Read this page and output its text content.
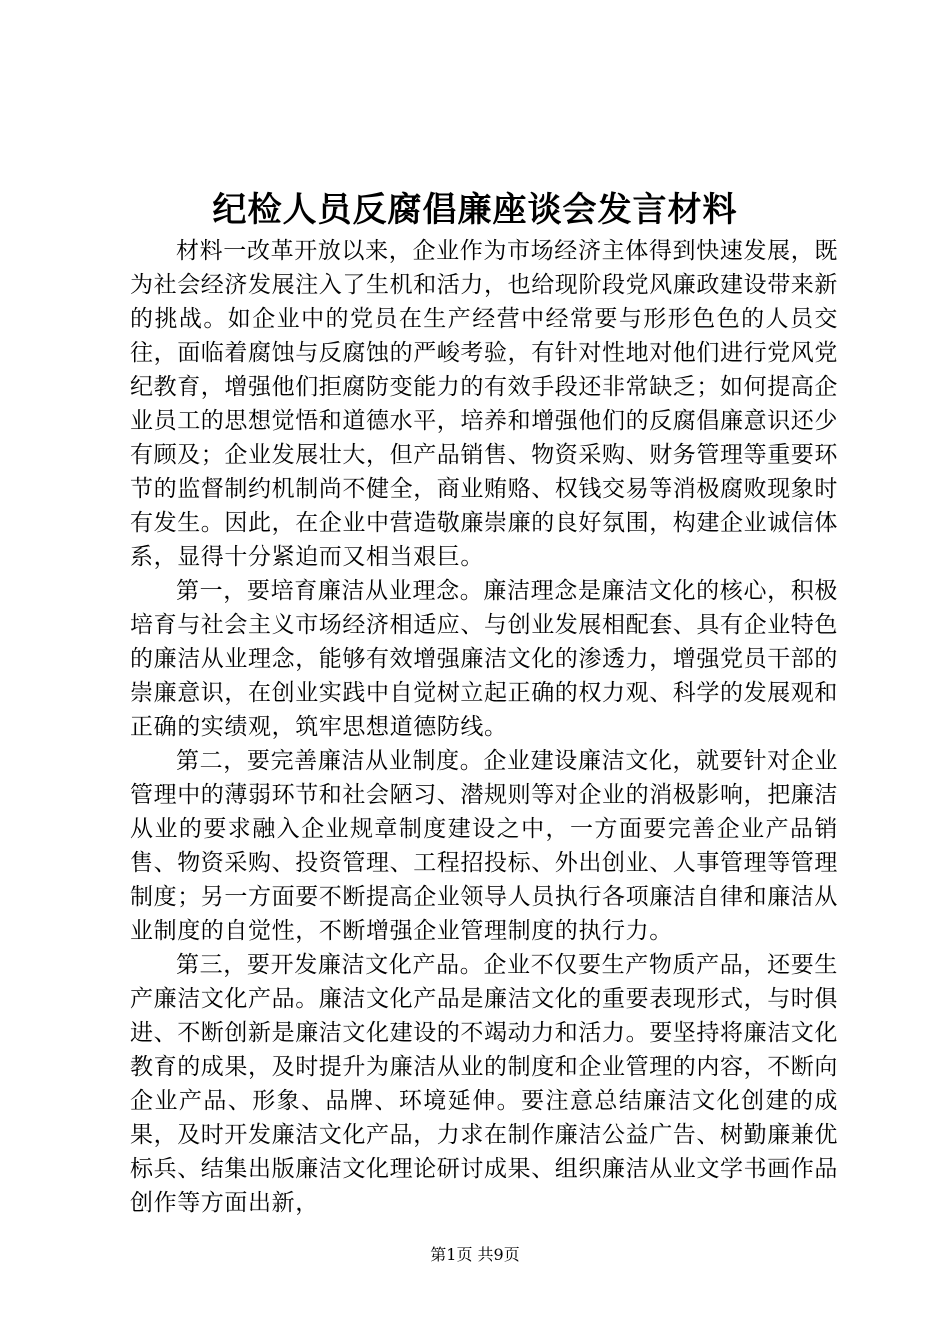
纪检人员反腐倡廉座谈会发言材料

材料一改革开放以来，企业作为市场经济主体得到快速发展，既为社会经济发展注入了生机和活力，也给现阶段党风廉政建设带来新的挑战。如企业中的党员在生产经营中经常要与形形色色的人员交往，面临着腐蚀与反腐蚀的严峻考验，有针对性地对他们进行党风党纪教育，增强他们拒腐防变能力的有效手段还非常缺乏；如何提高企业员工的思想觉悟和道德水平，培养和增强他们的反腐倡廉意识还少有顾及；企业发展壮大，但产品销售、物资采购、财务管理等重要环节的监督制约机制尚不健全，商业贿赂、权钱交易等消极腐败现象时有发生。因此，在企业中营造敬廉崇廉的良好氛围，构建企业诚信体系，显得十分紧迫而又相当艰巨。

第一，要培育廉洁从业理念。廉洁理念是廉洁文化的核心，积极培育与社会主义市场经济相适应、与创业发展相配套、具有企业特色的廉洁从业理念，能够有效增强廉洁文化的渗透力，增强党员干部的崇廉意识，在创业实践中自觉树立起正确的权力观、科学的发展观和正确的实绩观，筑牢思想道德防线。

第二，要完善廉洁从业制度。企业建设廉洁文化，就要针对企业管理中的薄弱环节和社会陋习、潜规则等对企业的消极影响，把廉洁从业的要求融入企业规章制度建设之中，一方面要完善企业产品销售、物资采购、投资管理、工程招投标、外出创业、人事管理等管理制度；另一方面要不断提高企业领导人员执行各项廉洁自律和廉洁从业制度的自觉性，不断增强企业管理制度的执行力。

第三，要开发廉洁文化产品。企业不仅要生产物质产品，还要生产廉洁文化产品。廉洁文化产品是廉洁文化的重要表现形式，与时俱进、不断创新是廉洁文化建设的不竭动力和活力。要坚持将廉洁文化教育的成果，及时提升为廉洁从业的制度和企业管理的内容，不断向企业产品、形象、品牌、环境延伸。要注意总结廉洁文化创建的成果，及时开发廉洁文化产品，力求在制作廉洁公益广告、树勤廉兼优标兵、结集出版廉洁文化理论研讨成果、组织廉洁从业文学书画作品创作等方面出新，

第1页 共9页
